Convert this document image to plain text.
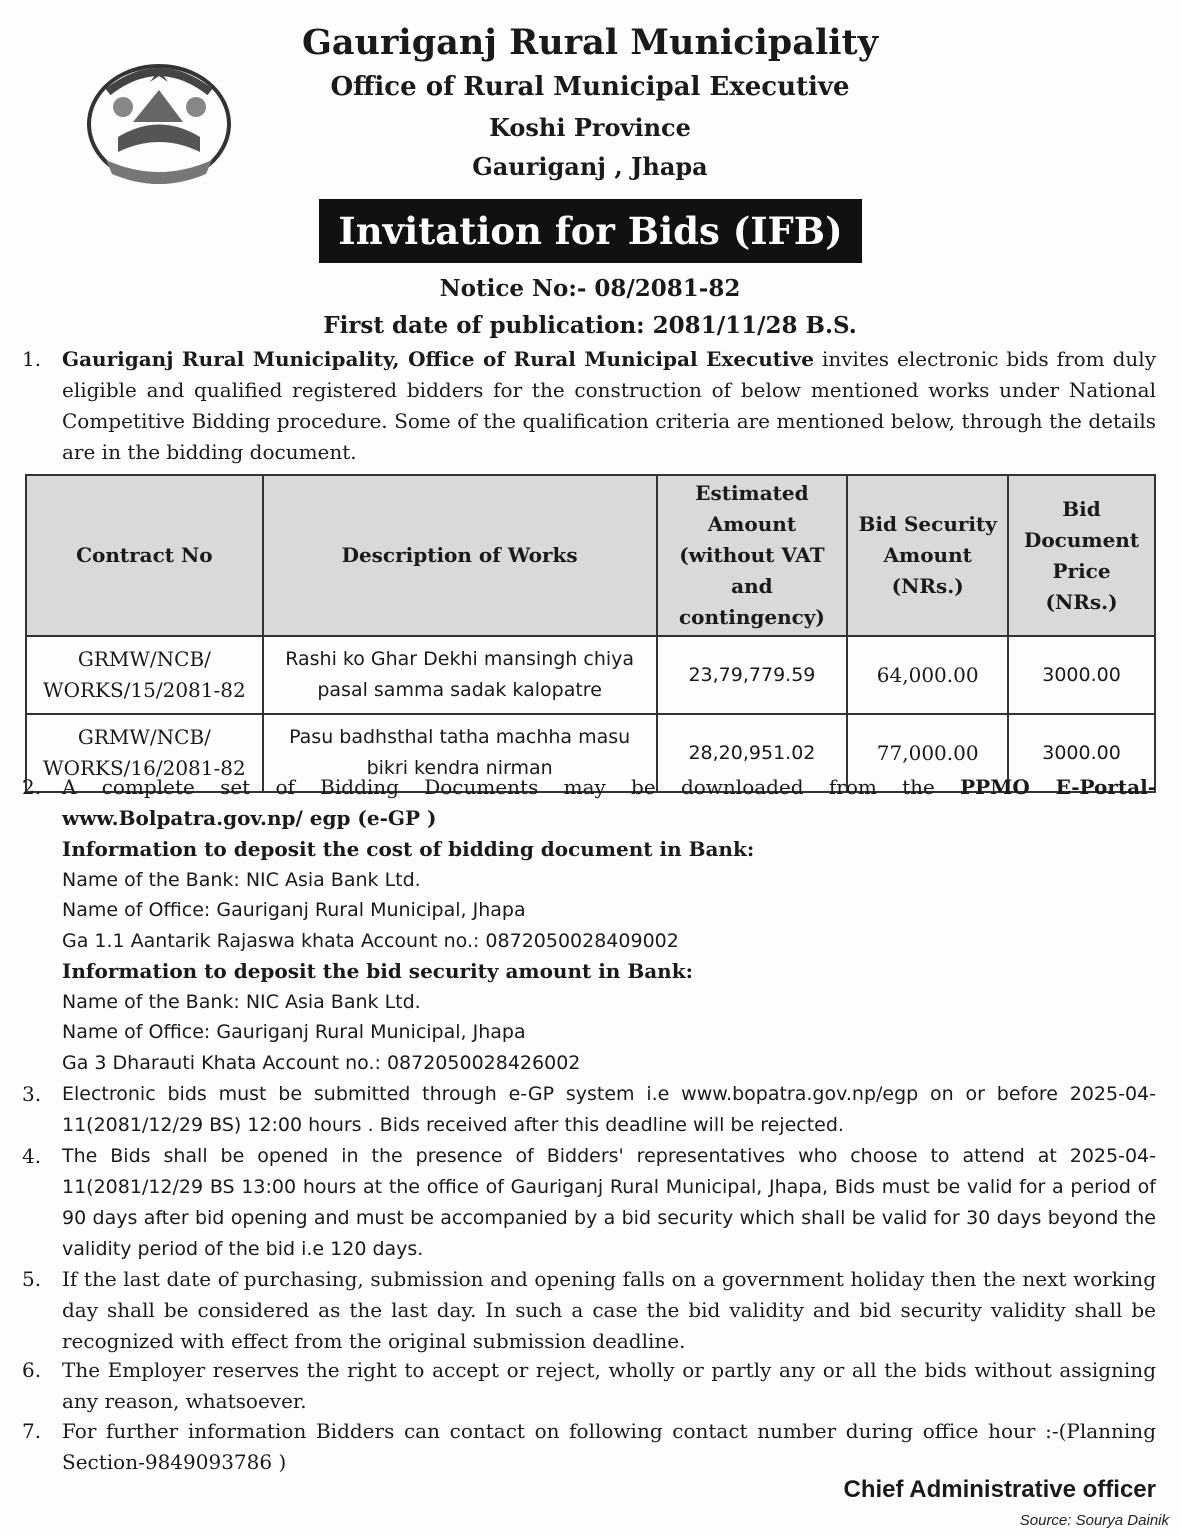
Gauriganj Rural Municipality
Office of Rural Municipal Executive
Koshi Province
Gauriganj , Jhapa
Invitation for Bids (IFB)
Notice No:- 08/2081-82
First date of publication: 2081/11/28 B.S.
1. Gauriganj Rural Municipality, Office of Rural Municipal Executive invites electronic bids from duly eligible and qualified registered bidders for the construction of below mentioned works under National Competitive Bidding procedure. Some of the qualification criteria are mentioned below, through the details are in the bidding document.
Contract No	Description of Works	Estimated Amount (without VAT and contingency)	Bid Security Amount (NRs.)	Bid Document Price (NRs.)
GRMW/NCB/ WORKS/15/2081-82	Rashi ko Ghar Dekhi mansingh chiya pasal samma sadak kalopatre	23,79,779.59	64,000.00	3000.00
GRMW/NCB/ WORKS/16/2081-82	Pasu badhsthal tatha machha masu bikri kendra nirman	28,20,951.02	77,000.00	3000.00
2. A complete set of Bidding Documents may be downloaded from the PPMO E-Portal-www.Bolpatra.gov.np/ egp (e-GP )
Information to deposit the cost of bidding document in Bank:
Name of the Bank: NIC Asia Bank Ltd.
Name of Office: Gauriganj Rural Municipal, Jhapa
Ga 1.1 Aantarik Rajaswa khata Account no.: 0872050028409002
Information to deposit the bid security amount in Bank:
Name of the Bank: NIC Asia Bank Ltd.
Name of Office: Gauriganj Rural Municipal, Jhapa
Ga 3 Dharauti Khata Account no.: 0872050028426002
3. Electronic bids must be submitted through e-GP system i.e www.bopatra.gov.np/egp on or before 2025-04-11(2081/12/29 BS) 12:00 hours . Bids received after this deadline will be rejected.
4. The Bids shall be opened in the presence of Bidders' representatives who choose to attend at 2025-04-11(2081/12/29 BS 13:00 hours at the office of Gauriganj Rural Municipal, Jhapa, Bids must be valid for a period of 90 days after bid opening and must be accompanied by a bid security which shall be valid for 30 days beyond the validity period of the bid i.e 120 days.
5. If the last date of purchasing, submission and opening falls on a government holiday then the next working day shall be considered as the last day. In such a case the bid validity and bid security validity shall be recognized with effect from the original submission deadline.
6. The Employer reserves the right to accept or reject, wholly or partly any or all the bids without assigning any reason, whatsoever.
7. For further information Bidders can contact on following contact number during office hour :-(Planning Section-9849093786 )
Chief Administrative officer
Source: Sourya Dainik
